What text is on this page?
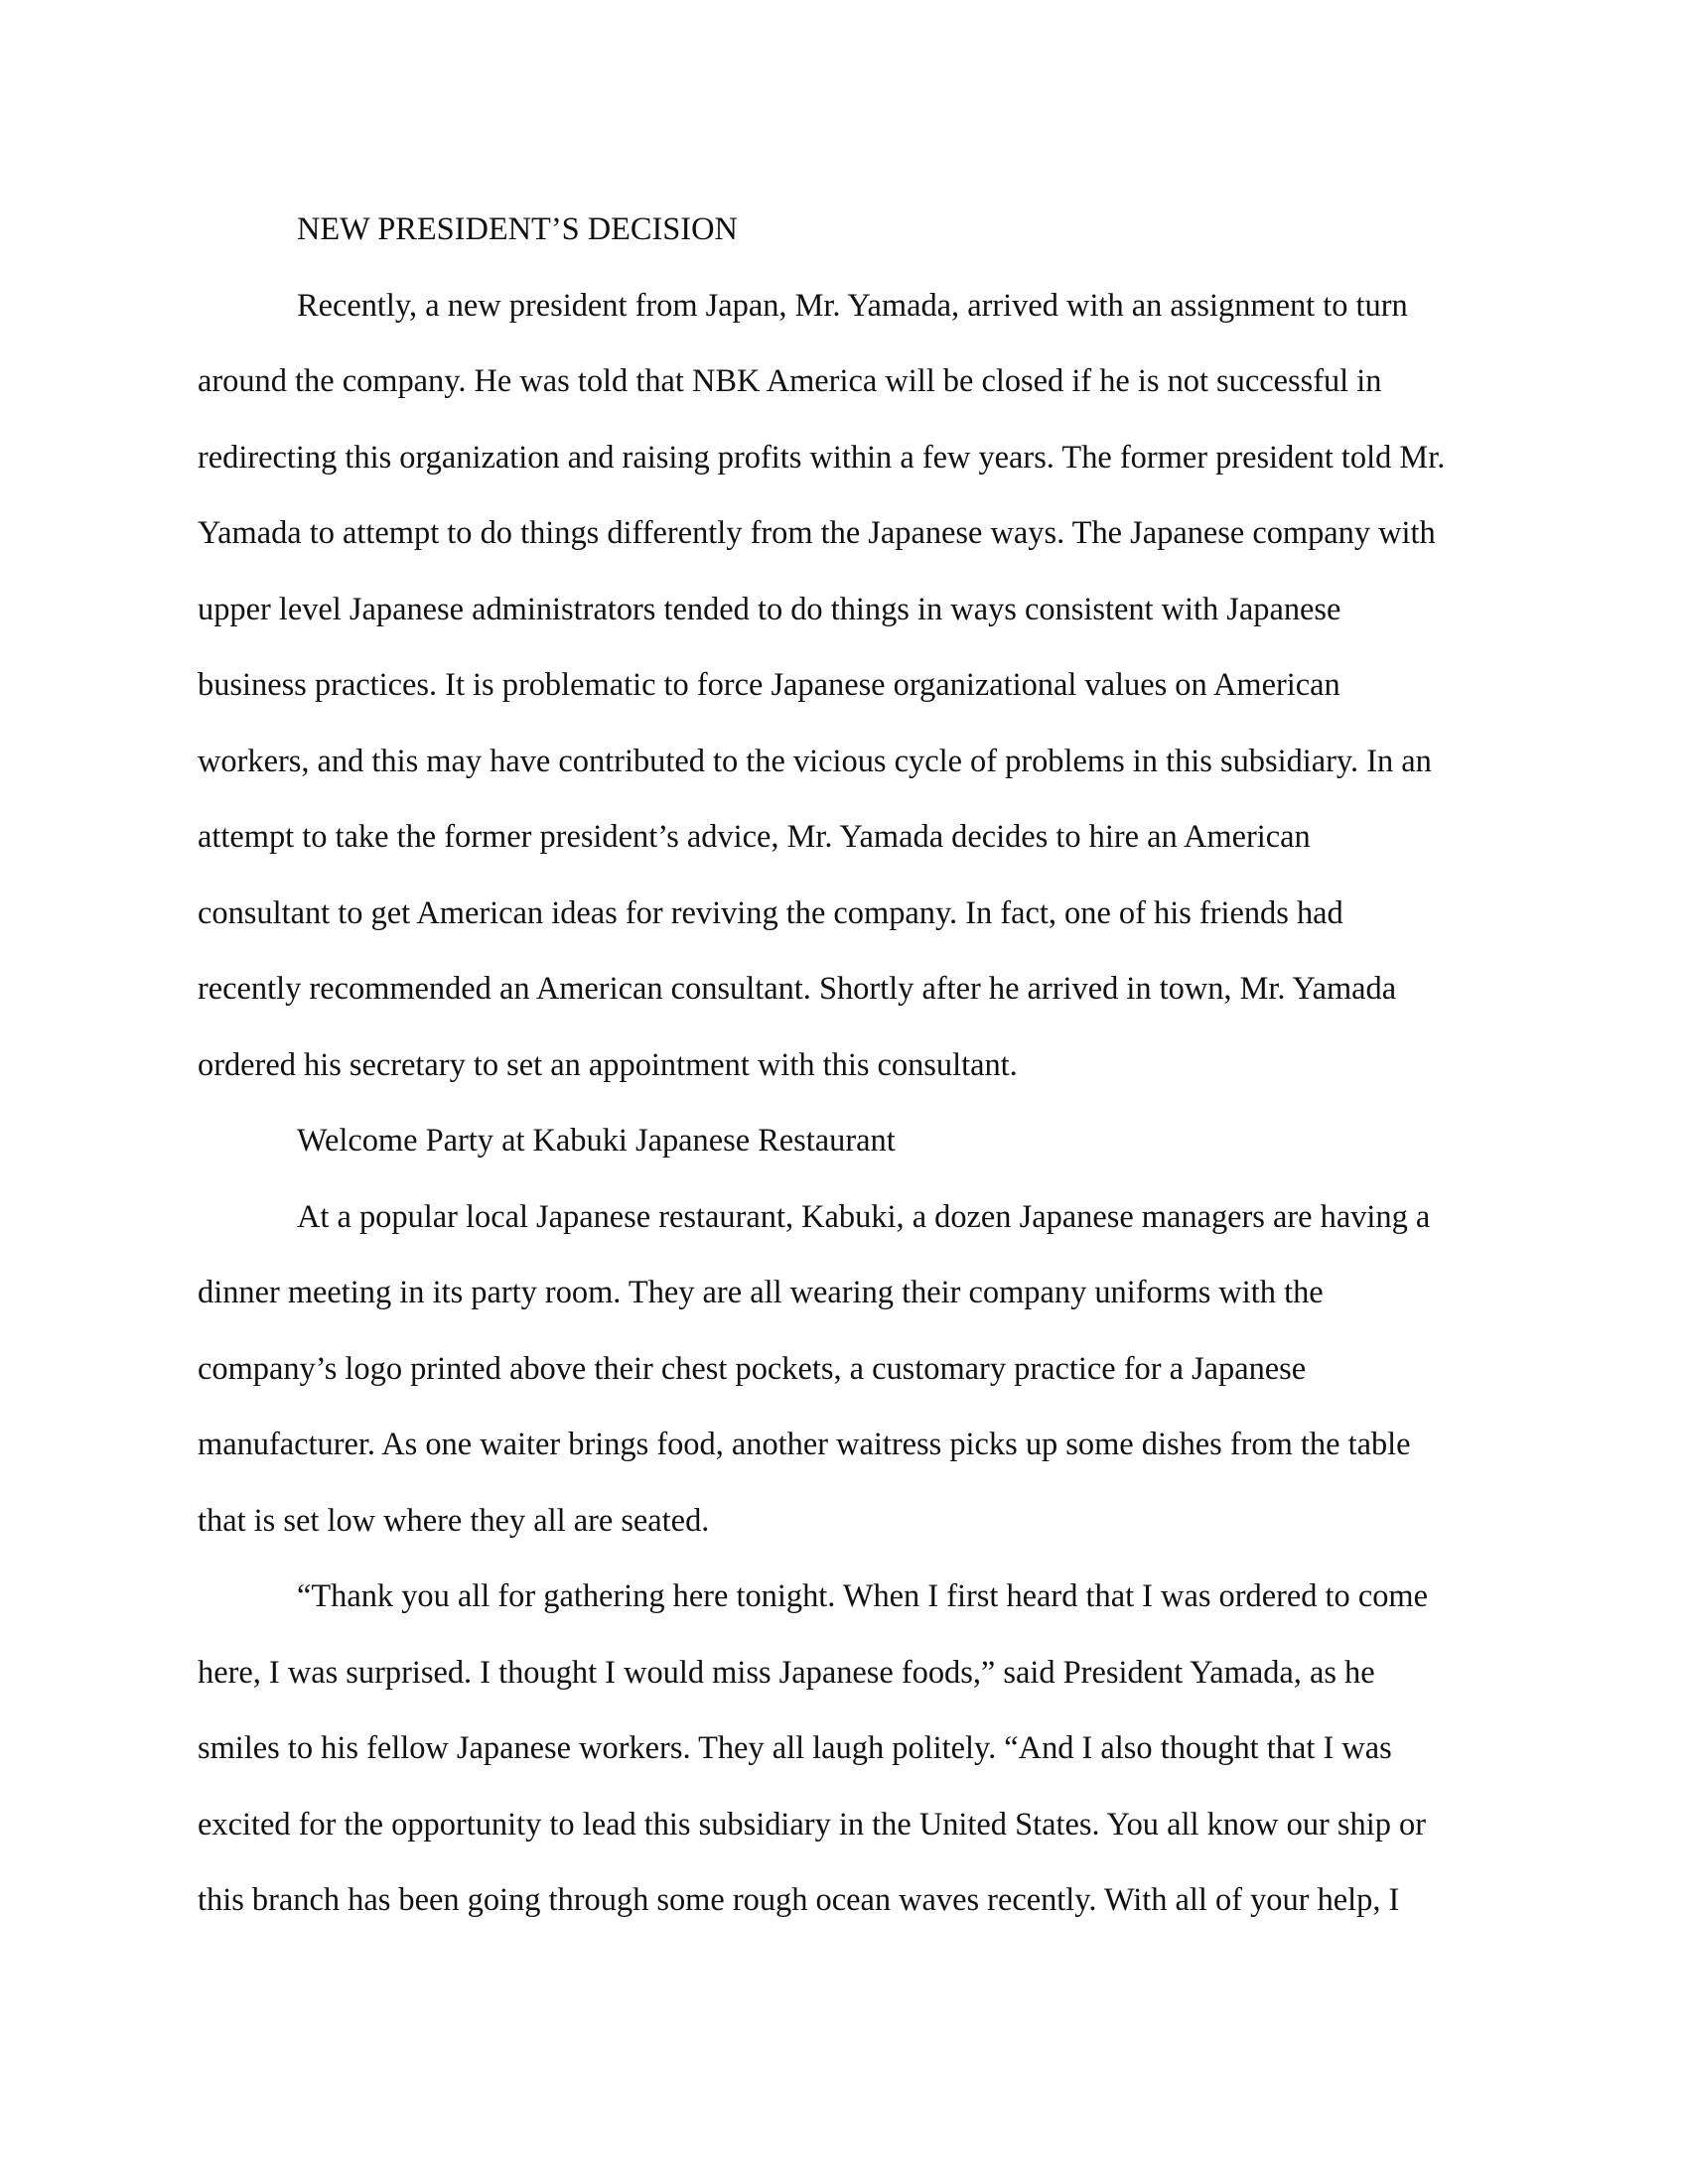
NEW PRESIDENT’S DECISION
Recently, a new president from Japan, Mr. Yamada, arrived with an assignment to turn
around the company. He was told that NBK America will be closed if he is not successful in
redirecting this organization and raising profits within a few years. The former president told Mr.
Yamada to attempt to do things differently from the Japanese ways. The Japanese company with
upper level Japanese administrators tended to do things in ways consistent with Japanese
business practices. It is problematic to force Japanese organizational values on American
workers, and this may have contributed to the vicious cycle of problems in this subsidiary. In an
attempt to take the former president’s advice, Mr. Yamada decides to hire an American
consultant to get American ideas for reviving the company. In fact, one of his friends had
recently recommended an American consultant. Shortly after he arrived in town, Mr. Yamada
ordered his secretary to set an appointment with this consultant.
Welcome Party at Kabuki Japanese Restaurant
At a popular local Japanese restaurant, Kabuki, a dozen Japanese managers are having a
dinner meeting in its party room. They are all wearing their company uniforms with the
company’s logo printed above their chest pockets, a customary practice for a Japanese
manufacturer. As one waiter brings food, another waitress picks up some dishes from the table
that is set low where they all are seated.
“Thank you all for gathering here tonight. When I first heard that I was ordered to come
here, I was surprised. I thought I would miss Japanese foods,” said President Yamada, as he
smiles to his fellow Japanese workers. They all laugh politely. “And I also thought that I was
excited for the opportunity to lead this subsidiary in the United States. You all know our ship or
this branch has been going through some rough ocean waves recently. With all of your help, I
